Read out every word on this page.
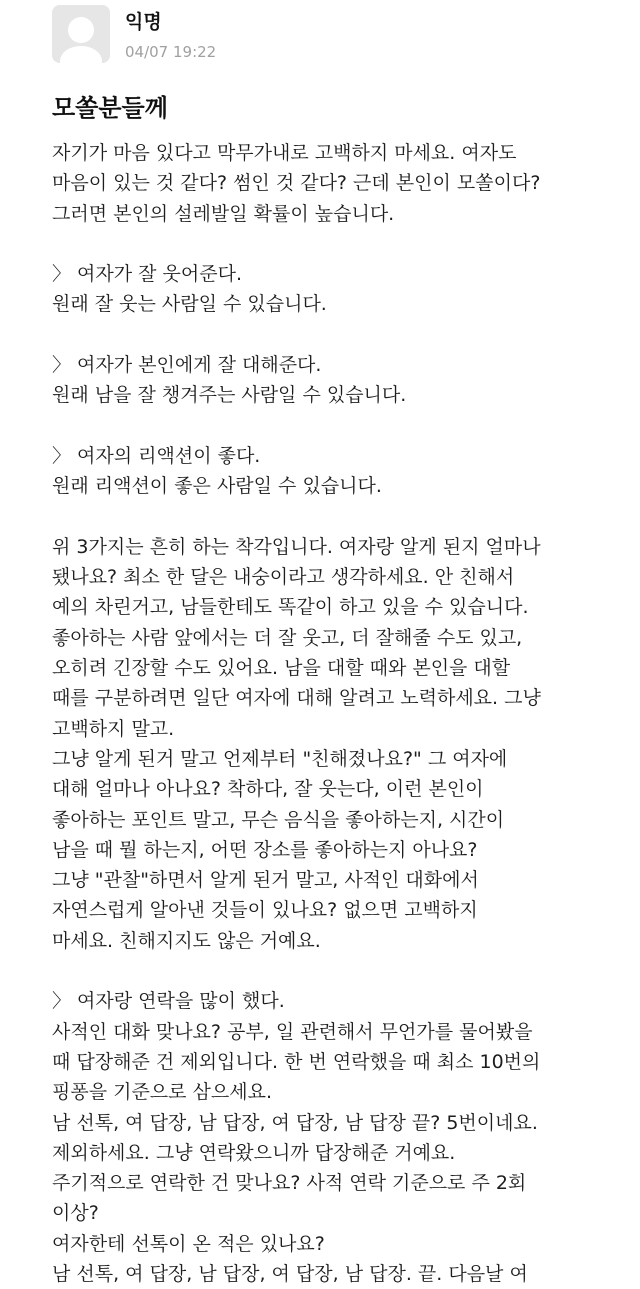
익명
04/07 19:22
모쏠분들께
자기가 마음 있다고 막무가내로 고백하지 마세요. 여자도
마음이 있는 것 같다? 썸인 것 같다? 근데 본인이 모쏠이다?
그러면 본인의 설레발일 확률이 높습니다.
〉 여자가 잘 웃어준다.
원래 잘 웃는 사람일 수 있습니다.
〉 여자가 본인에게 잘 대해준다.
원래 남을 잘 챙겨주는 사람일 수 있습니다.
〉 여자의 리액션이 좋다.
원래 리액션이 좋은 사람일 수 있습니다.
위 3가지는 흔히 하는 착각입니다. 여자랑 알게 된지 얼마나
됐나요? 최소 한 달은 내숭이라고 생각하세요. 안 친해서
예의 차린거고, 남들한테도 똑같이 하고 있을 수 있습니다.
좋아하는 사람 앞에서는 더 잘 웃고, 더 잘해줄 수도 있고,
오히려 긴장할 수도 있어요. 남을 대할 때와 본인을 대할
때를 구분하려면 일단 여자에 대해 알려고 노력하세요. 그냥
고백하지 말고.
그냥 알게 된거 말고 언제부터 "친해졌나요?" 그 여자에
대해 얼마나 아나요? 착하다, 잘 웃는다, 이런 본인이
좋아하는 포인트 말고, 무슨 음식을 좋아하는지, 시간이
남을 때 뭘 하는지, 어떤 장소를 좋아하는지 아나요?
그냥 "관찰"하면서 알게 된거 말고, 사적인 대화에서
자연스럽게 알아낸 것들이 있나요? 없으면 고백하지
마세요. 친해지지도 않은 거예요.
〉 여자랑 연락을 많이 했다.
사적인 대화 맞나요? 공부, 일 관련해서 무언가를 물어봤을
때 답장해준 건 제외입니다. 한 번 연락했을 때 최소 10번의
핑퐁을 기준으로 삼으세요.
남 선톡, 여 답장, 남 답장, 여 답장, 남 답장 끝? 5번이네요.
제외하세요. 그냥 연락왔으니까 답장해준 거예요.
주기적으로 연락한 건 맞나요? 사적 연락 기준으로 주 2회
이상?
여자한테 선톡이 온 적은 있나요?
남 선톡, 여 답장, 남 답장, 여 답장, 남 답장. 끝. 다음날 여
